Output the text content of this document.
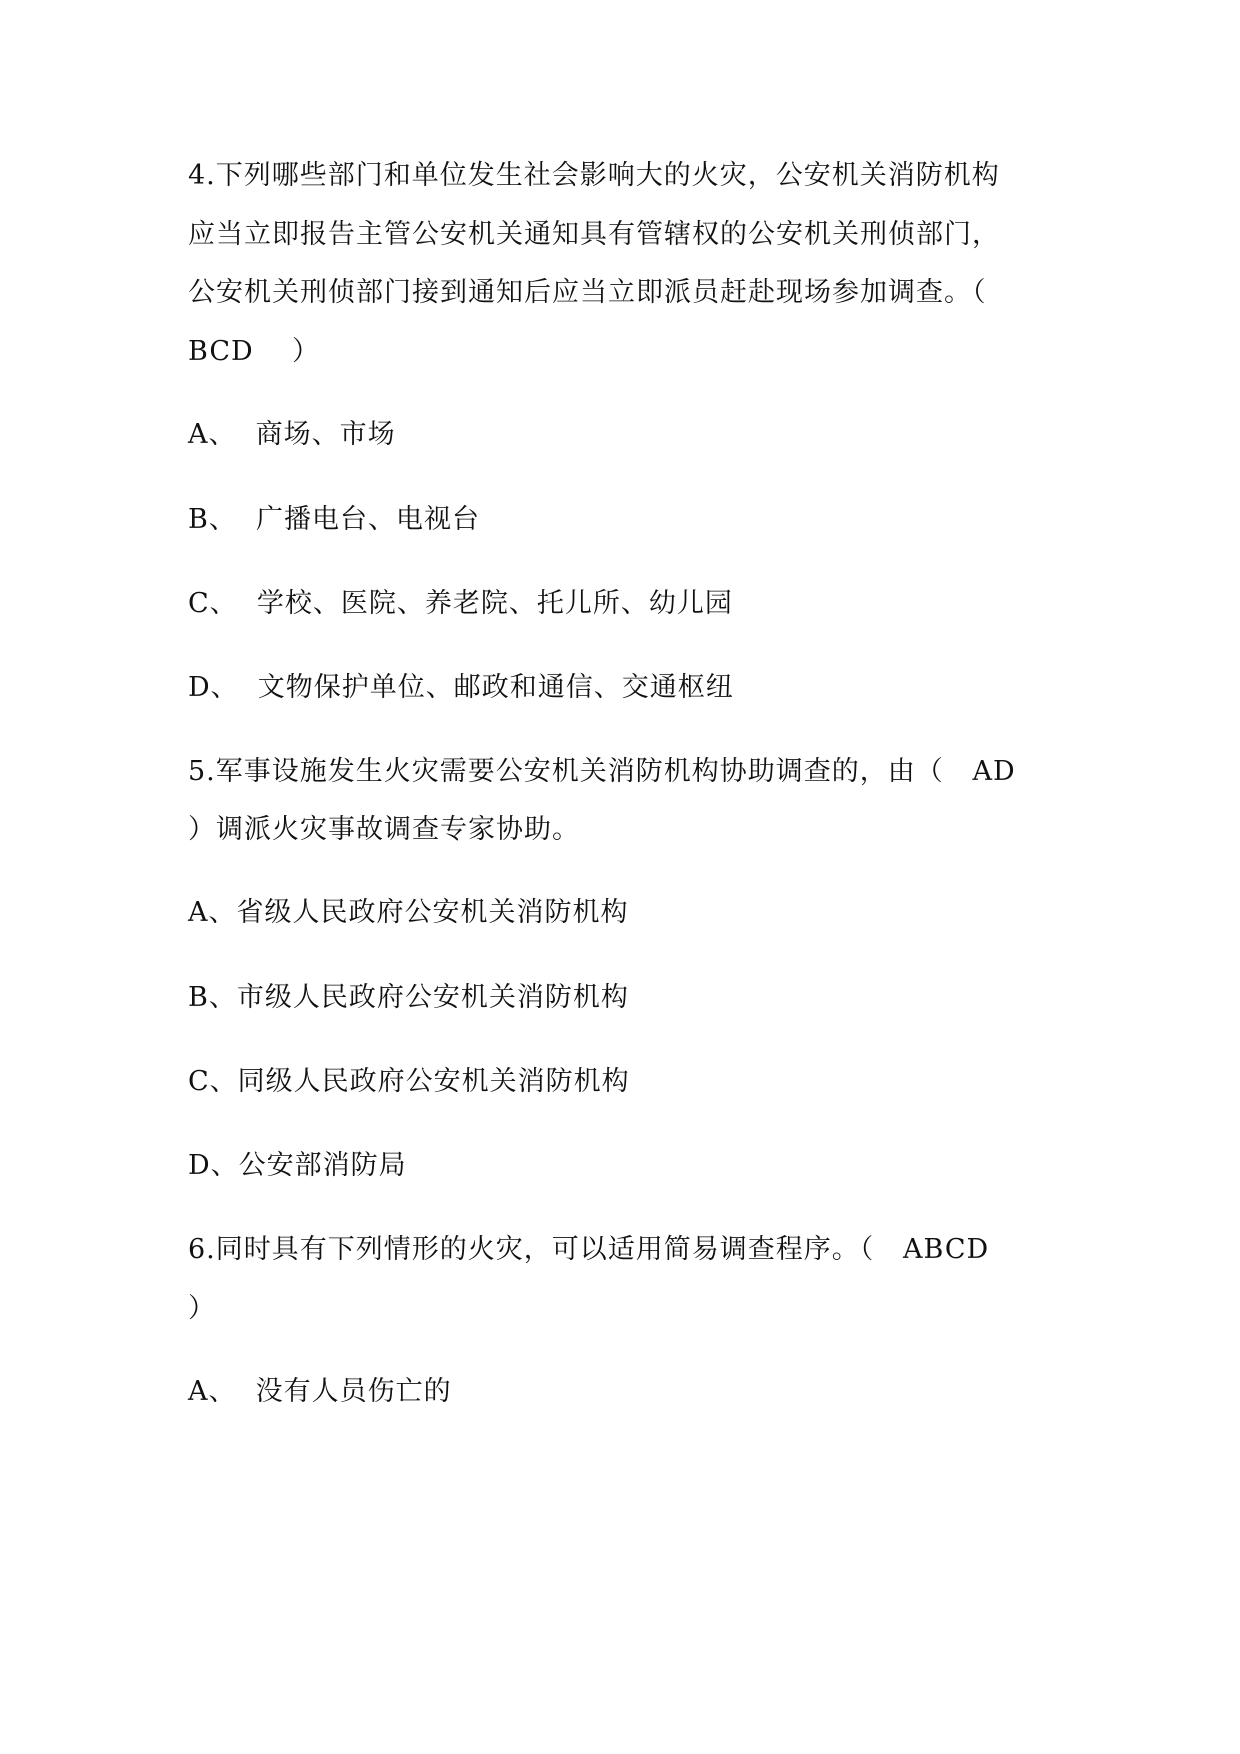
4.下列哪些部门和单位发生社会影响大的火灾，公安机关消防机构
应当立即报告主管公安机关通知具有管辖权的公安机关刑侦部门，
公安机关刑侦部门接到通知后应当立即派员赶赴现场参加调查。（
BCD    ）
A、  商场、市场
B、  广播电台、电视台
C、  学校、医院、养老院、托儿所、幼儿园
D、  文物保护单位、邮政和通信、交通枢纽
5.军事设施发生火灾需要公安机关消防机构协助调查的，由（   AD
）调派火灾事故调查专家协助。
A、省级人民政府公安机关消防机构
B、市级人民政府公安机关消防机构
C、同级人民政府公安机关消防机构
D、公安部消防局
6.同时具有下列情形的火灾，可以适用简易调查程序。（   ABCD
）
A、  没有人员伤亡的
